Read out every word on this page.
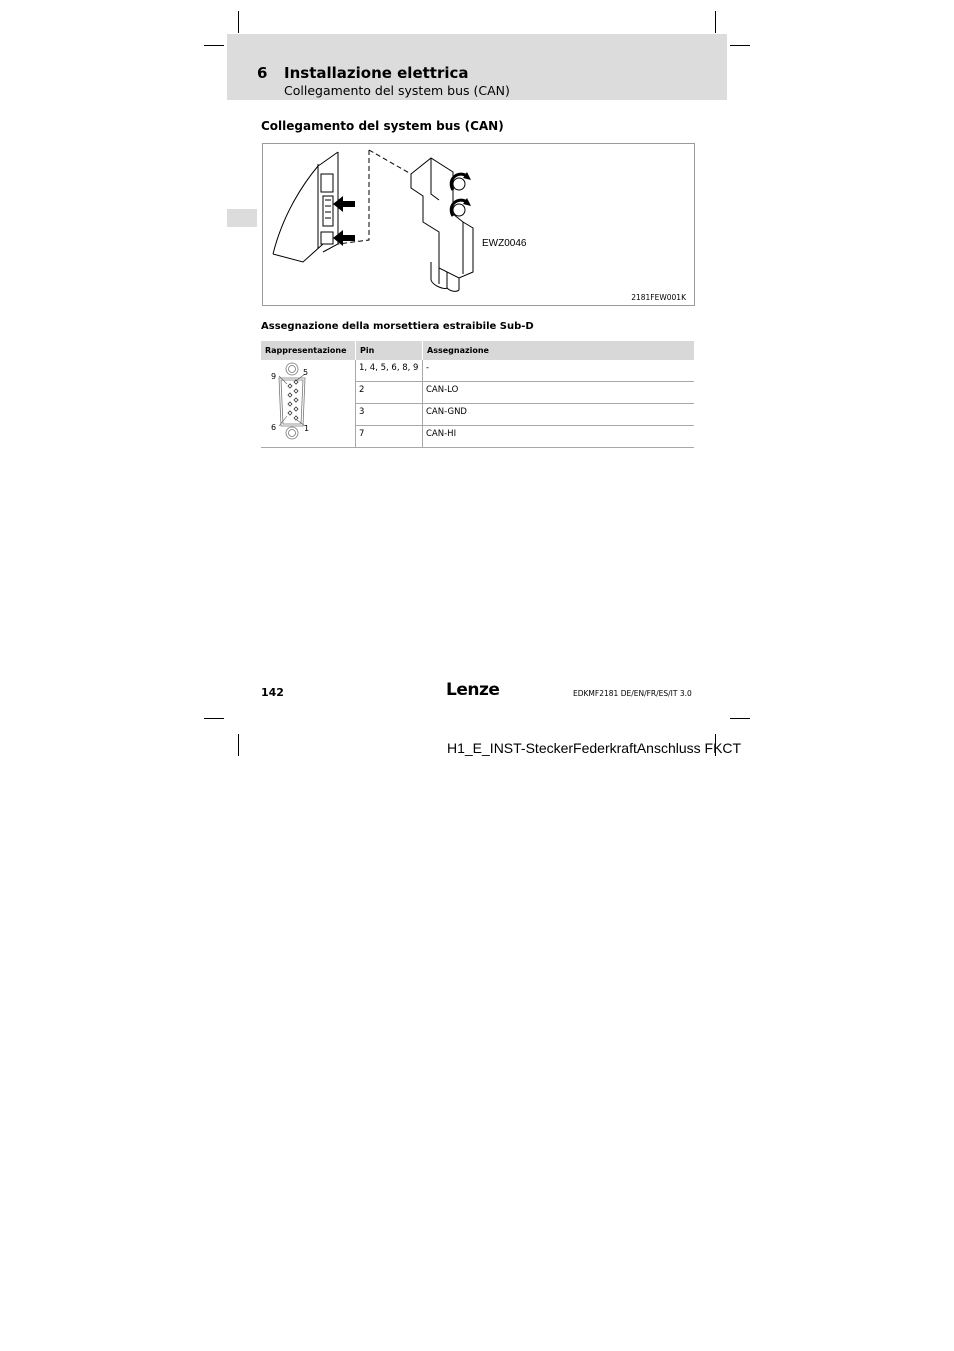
6 Installazione elettrica
Collegamento del system bus (CAN)
Collegamento del system bus (CAN)
EWZ0046
2181FEW001K
Assegnazione della morsettiera estraibile Sub-D
Rappresentazione	Pin	Assegnazione

9 5
6 1	1, 4, 5, 6, 8, 9	-
	2	CAN-LO
	3	CAN-GND
	7	CAN-HI
142	Lenze	EDKMF2181 DE/EN/FR/ES/IT 3.0
H1_E_INST-SteckerFederkraftAnschluss FKCT
